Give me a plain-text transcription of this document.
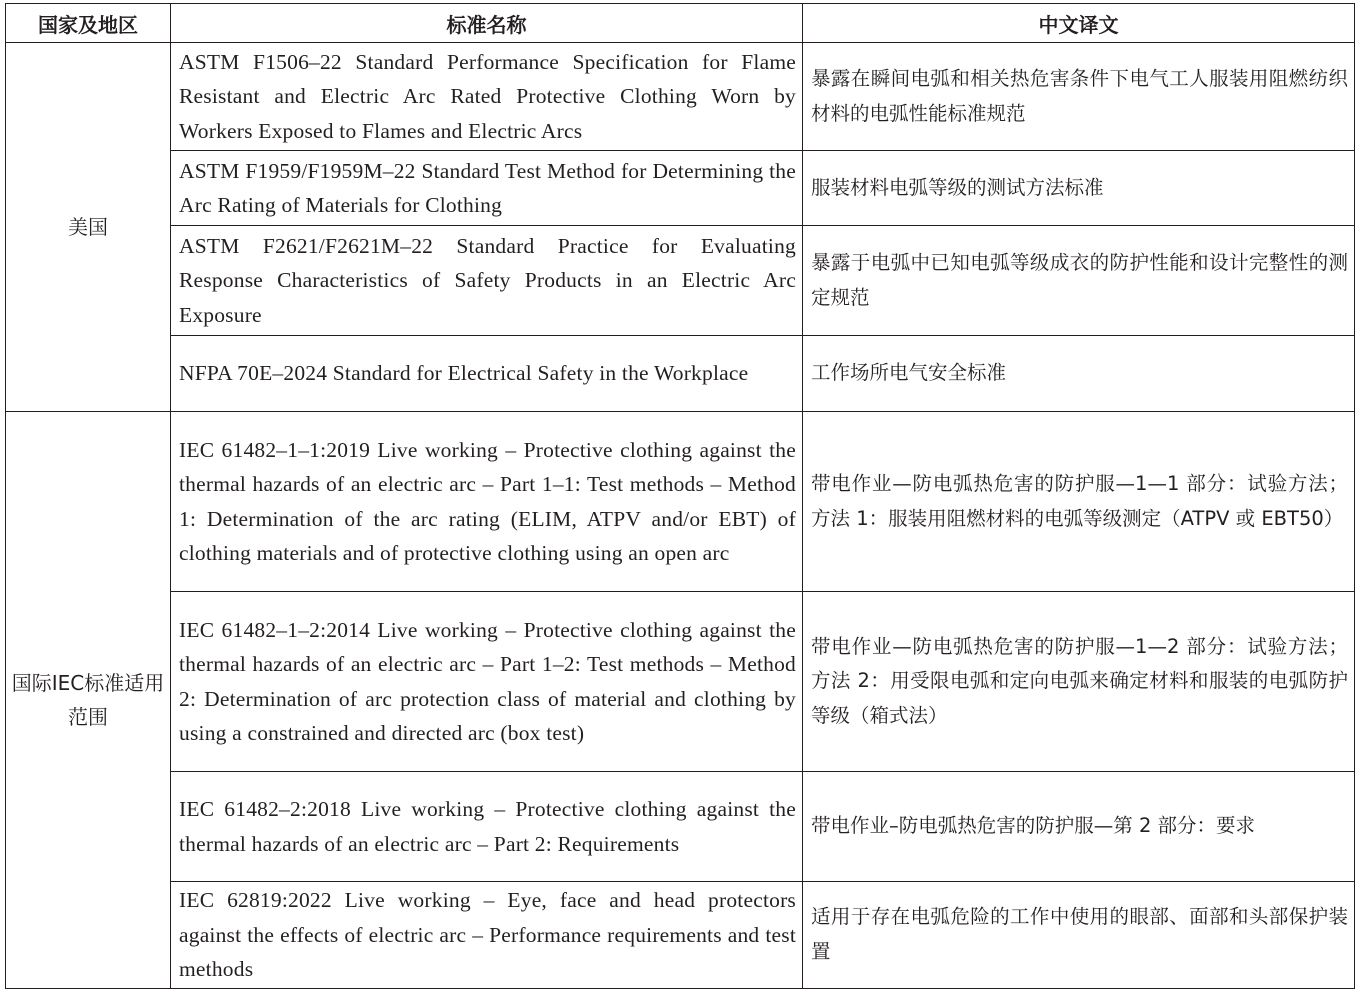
国家及地区	标准名称	中文译文
美国	ASTM F1506–22 Standard Performance Specification for Flame Resistant and Electric Arc Rated Protective Clothing Worn by Workers Exposed to Flames and Electric Arcs	暴露在瞬间电弧和相关热危害条件下电气工人服装用阻燃纺织材料的电弧性能标准规范
	ASTM F1959/F1959M–22 Standard Test Method for Determining the Arc Rating of Materials for Clothing	服装材料电弧等级的测试方法标准
	ASTM F2621/F2621M–22 Standard Practice for Evaluating Response Characteristics of Safety Products in an Electric Arc Exposure	暴露于电弧中已知电弧等级成衣的防护性能和设计完整性的测定规范
	NFPA 70E–2024 Standard for Electrical Safety in the Workplace	工作场所电气安全标准
国际IEC标准适用范围	IEC 61482–1–1:2019 Live working – Protective clothing against the thermal hazards of an electric arc – Part 1–1: Test methods – Method 1: Determination of the arc rating (ELIM, ATPV and/or EBT) of clothing materials and of protective clothing using an open arc	带电作业—防电弧热危害的防护服—1—1 部分：试验方法；方法 1：服装用阻燃材料的电弧等级测定（ATPV 或 EBT50）
	IEC 61482–1–2:2014 Live working – Protective clothing against the thermal hazards of an electric arc – Part 1–2: Test methods – Method 2: Determination of arc protection class of material and clothing by using a constrained and directed arc (box test)	带电作业—防电弧热危害的防护服—1—2 部分：试验方法；方法 2：用受限电弧和定向电弧来确定材料和服装的电弧防护等级（箱式法）
	IEC 61482–2:2018 Live working – Protective clothing against the thermal hazards of an electric arc – Part 2: Requirements	带电作业–防电弧热危害的防护服—第 2 部分：要求
	IEC 62819:2022 Live working – Eye, face and head protectors against the effects of electric arc – Performance requirements and test methods	适用于存在电弧危险的工作中使用的眼部、面部和头部保护装置
